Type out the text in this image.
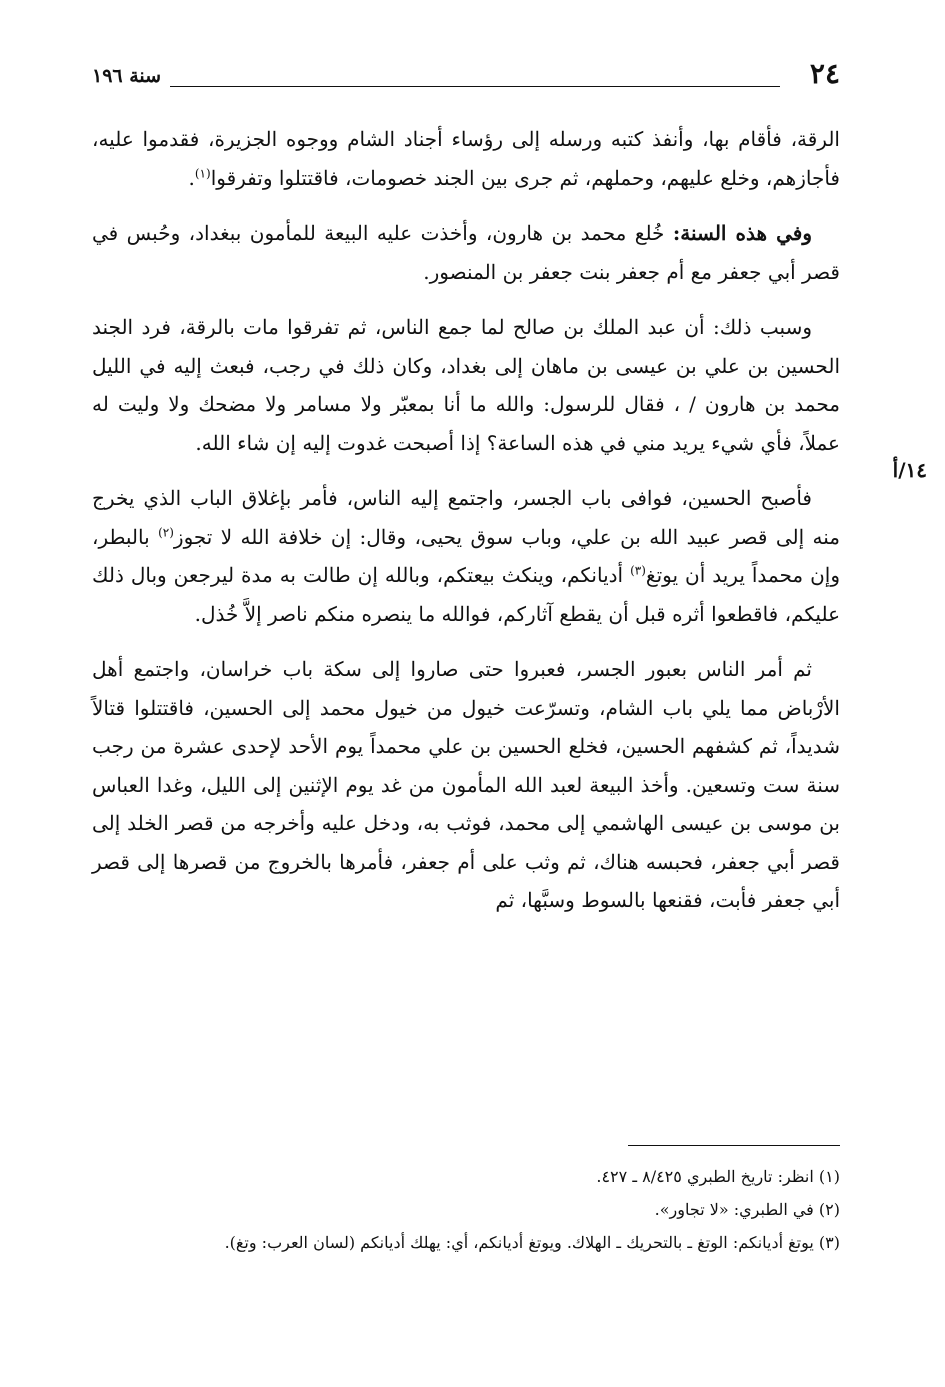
٢٤
سنة ١٩٦
١٤/أ

الرقة، فأقام بها، وأنفذ كتبه ورسله إلى رؤساء أجناد الشام ووجوه الجزيرة، فقدموا عليه، فأجازهم، وخلع عليهم، وحملهم، ثم جرى بين الجند خصومات، فاقتتلوا وتفرقوا$^{(١)}$.

وفي هذه السنة: خُلع محمد بن هارون، وأخذت عليه البيعة للمأمون ببغداد، وحُبس في قصر أبي جعفر مع أم جعفر بنت جعفر بن المنصور.

وسبب ذلك: أن عبد الملك بن صالح لما جمع الناس، ثم تفرقوا مات بالرقة، فرد الجند الحسين بن علي بن عيسى بن ماهان إلى بغداد، وكان ذلك في رجب، فبعث إليه في الليل محمد بن هارون / ، فقال للرسول: والله ما أنا بمعبّر ولا مسامر ولا مضحك ولا وليت له عملاً، فأي شيء يريد مني في هذه الساعة؟ إذا أصبحت غدوت إليه إن شاء الله.

فأصبح الحسين، فوافى باب الجسر، واجتمع إليه الناس، فأمر بإغلاق الباب الذي يخرج منه إلى قصر عبيد الله بن علي، وباب سوق يحيى، وقال: إن خلافة الله لا تجوز$^{(٢)}$ بالبطر، وإن محمداً يريد أن يوتغ$^{(٣)}$ أديانكم، وينكث بيعتكم، وبالله إن طالت به مدة ليرجعن وبال ذلك عليكم، فاقطعوا أثره قبل أن يقطع آثاركم، فوالله ما ينصره منكم ناصر إلاَّ خُذل.

ثم أمر الناس بعبور الجسر، فعبروا حتى صاروا إلى سكة باب خراسان، واجتمع أهل الأرْباض مما يلي باب الشام، وتسرّعت خيول من خيول محمد إلى الحسين، فاقتتلوا قتالاً شديداً، ثم كشفهم الحسين، فخلع الحسين بن علي محمداً يوم الأحد لإحدى عشرة من رجب سنة ست وتسعين. وأخذ البيعة لعبد الله المأمون من غد يوم الإثنين إلى الليل، وغدا العباس بن موسى بن عيسى الهاشمي إلى محمد، فوثب به، ودخل عليه وأخرجه من قصر الخلد إلى قصر أبي جعفر، فحبسه هناك، ثم وثب على أم جعفر، فأمرها بالخروج من قصرها إلى قصر أبي جعفر فأبت، فقنعها بالسوط وسبَّها، ثم

(١) انظر: تاريخ الطبري ٨/٤٢٥ ـ ٤٢٧.

(٢) في الطبري: «لا تجاور».

(٣) يوتغ أديانكم: الوتغ ـ بالتحريك ـ الهلاك. ويوتغ أديانكم، أي: يهلك أديانكم (لسان العرب: وتغ).
